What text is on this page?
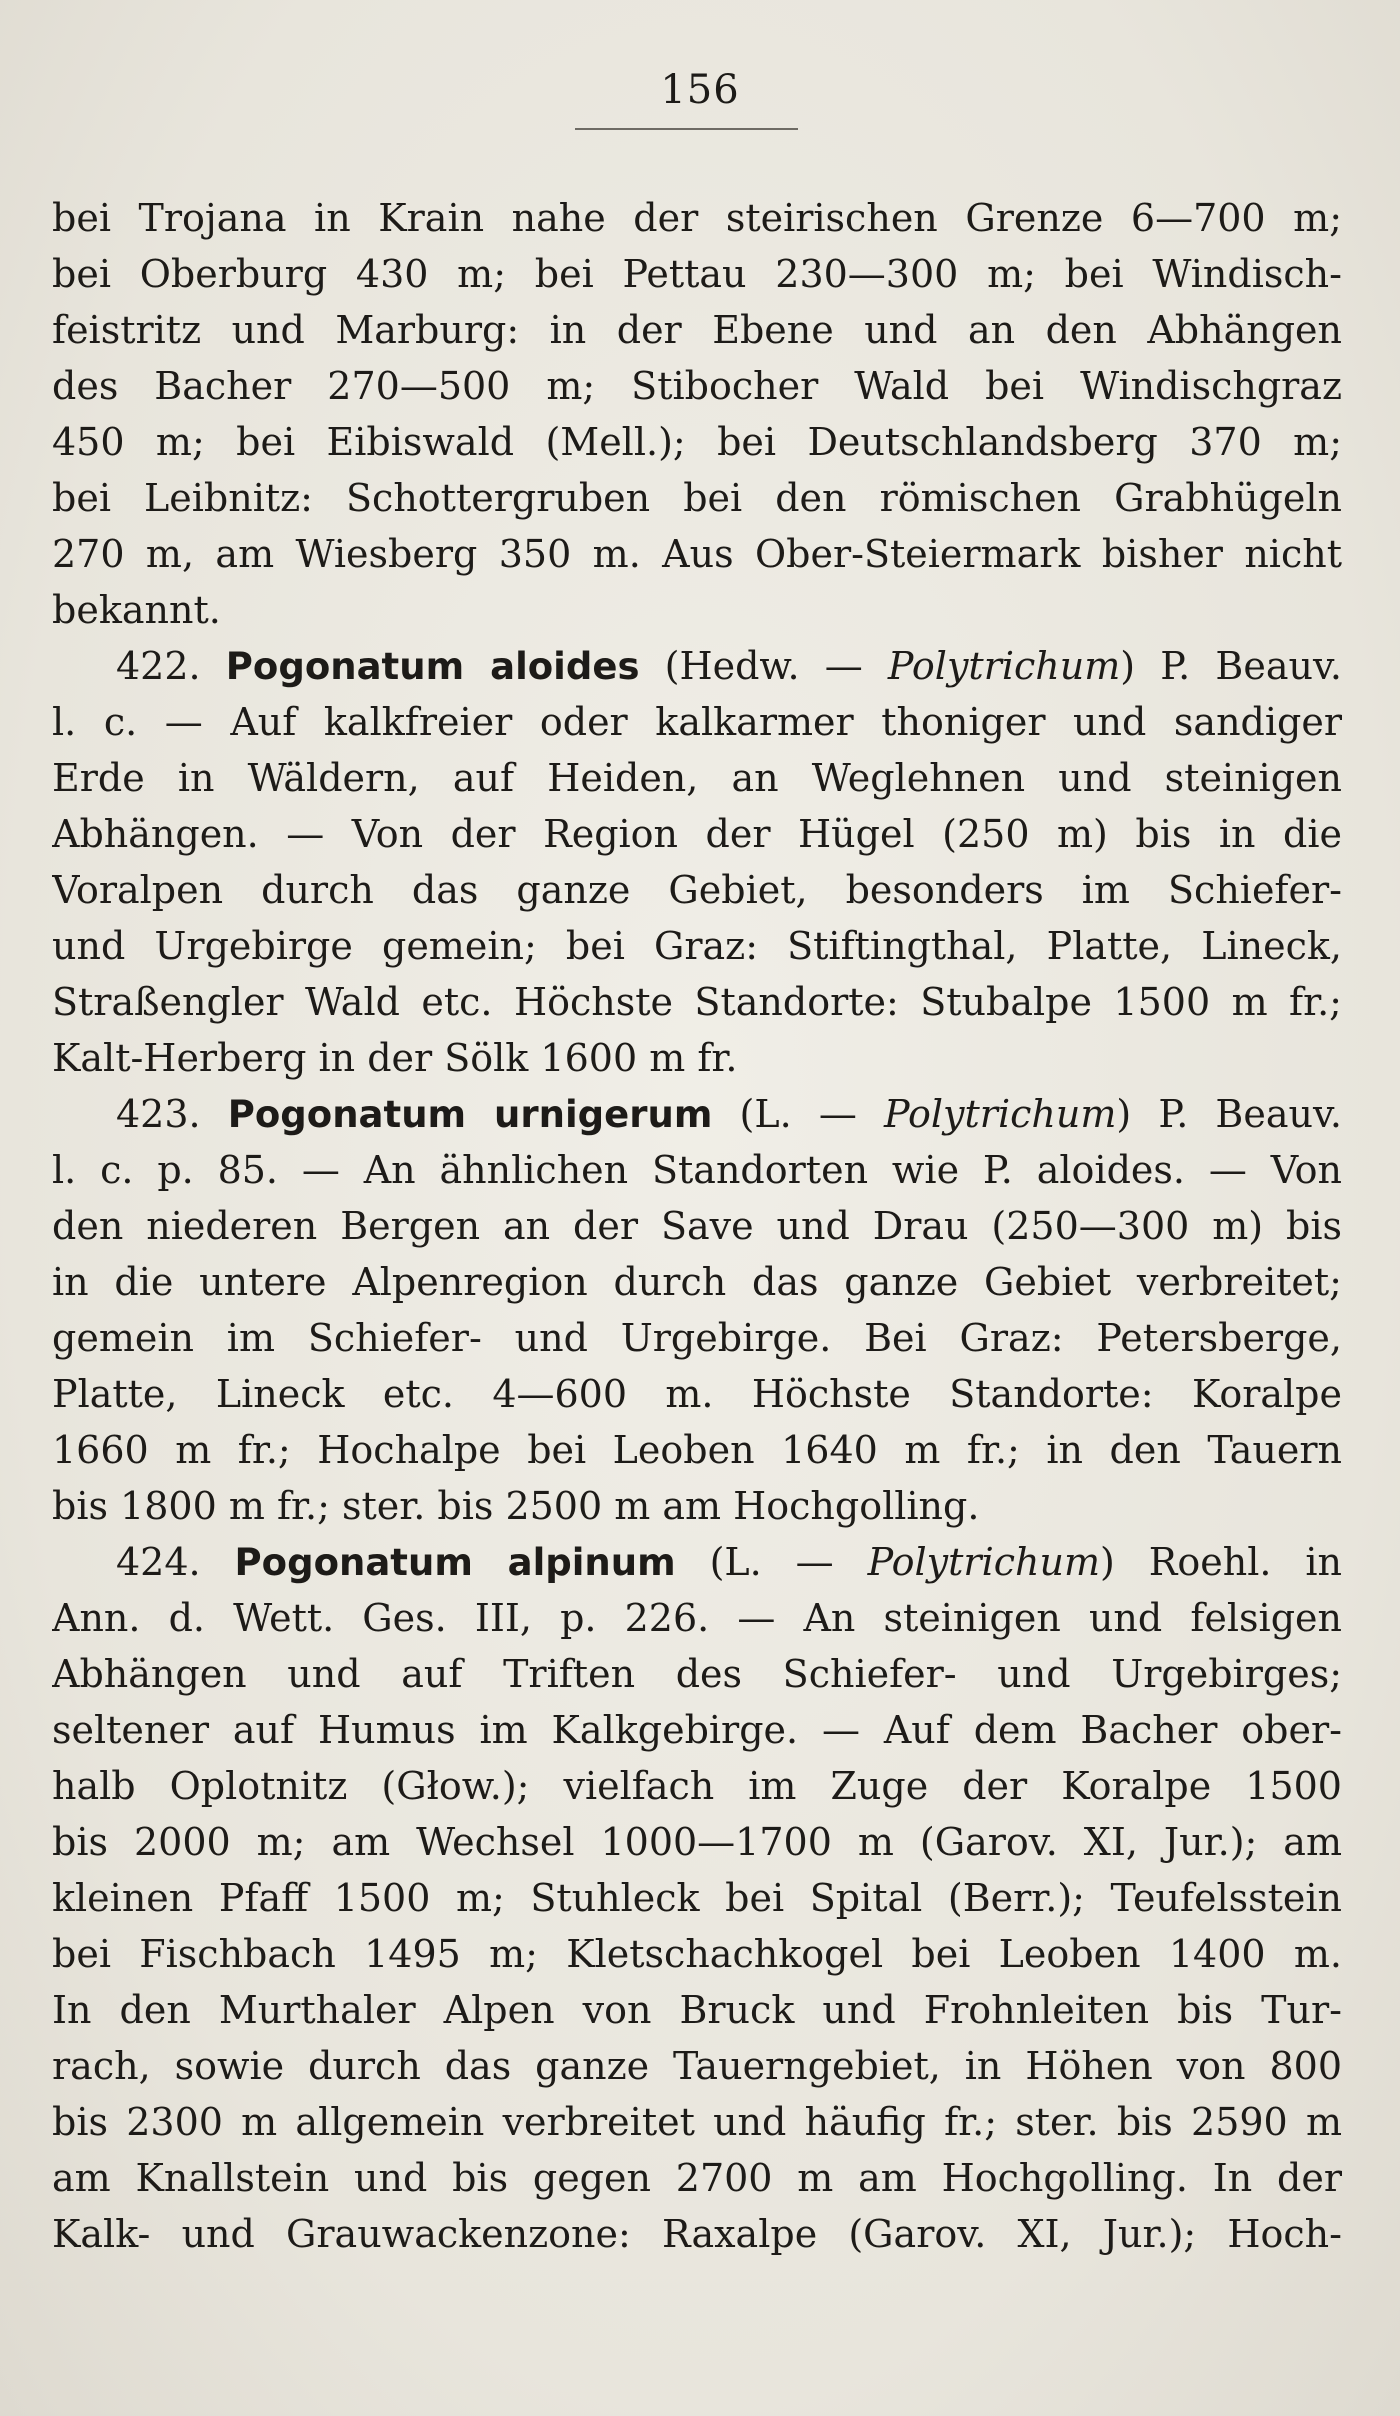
156
bei Trojana in Krain nahe der steirischen Grenze 6—700 m;
bei Oberburg 430 m; bei Pettau 230—300 m; bei Windisch-
feistritz und Marburg: in der Ebene und an den Abhängen
des Bacher 270—500 m; Stibocher Wald bei Windischgraz
450 m; bei Eibiswald (Mell.); bei Deutschlandsberg 370 m;
bei Leibnitz: Schottergruben bei den römischen Grabhügeln
270 m, am Wiesberg 350 m. Aus Ober-Steiermark bisher nicht
bekannt.
422. Pogonatum aloides (Hedw. — Polytrichum) P. Beauv.
l. c. — Auf kalkfreier oder kalkarmer thoniger und sandiger
Erde in Wäldern, auf Heiden, an Weglehnen und steinigen
Abhängen. — Von der Region der Hügel (250 m) bis in die
Voralpen durch das ganze Gebiet, besonders im Schiefer-
und Urgebirge gemein; bei Graz: Stiftingthal, Platte, Lineck,
Straßengler Wald etc. Höchste Standorte: Stubalpe 1500 m fr.;
Kalt-Herberg in der Sölk 1600 m fr.
423. Pogonatum urnigerum (L. — Polytrichum) P. Beauv.
l. c. p. 85. — An ähnlichen Standorten wie P. aloides. — Von
den niederen Bergen an der Save und Drau (250—300 m) bis
in die untere Alpenregion durch das ganze Gebiet verbreitet;
gemein im Schiefer- und Urgebirge. Bei Graz: Petersberge,
Platte, Lineck etc. 4—600 m. Höchste Standorte: Koralpe
1660 m fr.; Hochalpe bei Leoben 1640 m fr.; in den Tauern
bis 1800 m fr.; ster. bis 2500 m am Hochgolling.
424. Pogonatum alpinum (L. — Polytrichum) Roehl. in
Ann. d. Wett. Ges. III, p. 226. — An steinigen und felsigen
Abhängen und auf Triften des Schiefer- und Urgebirges;
seltener auf Humus im Kalkgebirge. — Auf dem Bacher ober-
halb Oplotnitz (Głow.); vielfach im Zuge der Koralpe 1500
bis 2000 m; am Wechsel 1000—1700 m (Garov. XI, Jur.); am
kleinen Pfaff 1500 m; Stuhleck bei Spital (Berr.); Teufelsstein
bei Fischbach 1495 m; Kletschachkogel bei Leoben 1400 m.
In den Murthaler Alpen von Bruck und Frohnleiten bis Tur-
rach, sowie durch das ganze Tauerngebiet, in Höhen von 800
bis 2300 m allgemein verbreitet und häufig fr.; ster. bis 2590 m
am Knallstein und bis gegen 2700 m am Hochgolling. In der
Kalk- und Grauwackenzone: Raxalpe (Garov. XI, Jur.); Hoch-
